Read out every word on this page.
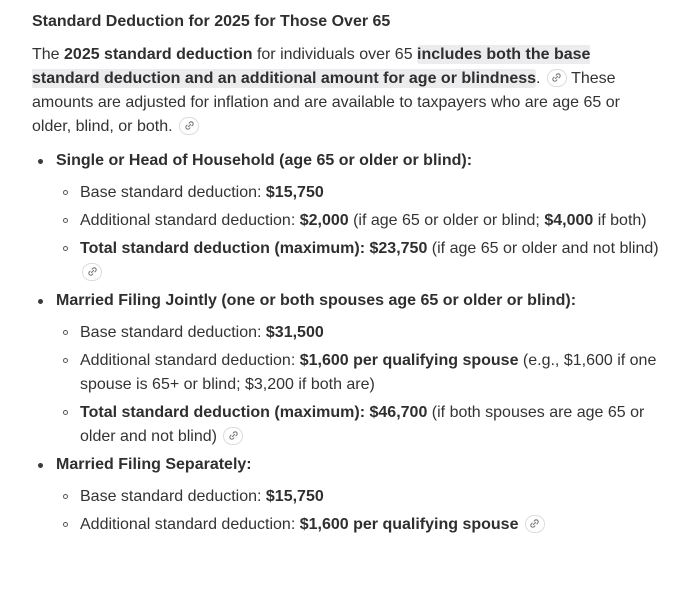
Standard Deduction for 2025 for Those Over 65

The 2025 standard deduction for individuals over 65 includes both the base standard deduction and an additional amount for age or blindness.
These amounts are adjusted for inflation and are available to taxpayers who are age 65 or older, blind, or both.

Single or Head of Household (age 65 or older or blind):
Base standard deduction: $15,750
Additional standard deduction: $2,000 (if age 65 or older or blind; $4,000 if both)
Total standard deduction (maximum): $23,750 (if age 65 or older and not blind)
Married Filing Jointly (one or both spouses age 65 or older or blind):
Base standard deduction: $31,500
Additional standard deduction: $1,600 per qualifying spouse (e.g., $1,600 if one spouse is 65+ or blind; $3,200 if both are)
Total standard deduction (maximum): $46,700 (if both spouses are age 65 or older and not blind)
Married Filing Separately:
Base standard deduction: $15,750
Additional standard deduction: $1,600 per qualifying spouse
